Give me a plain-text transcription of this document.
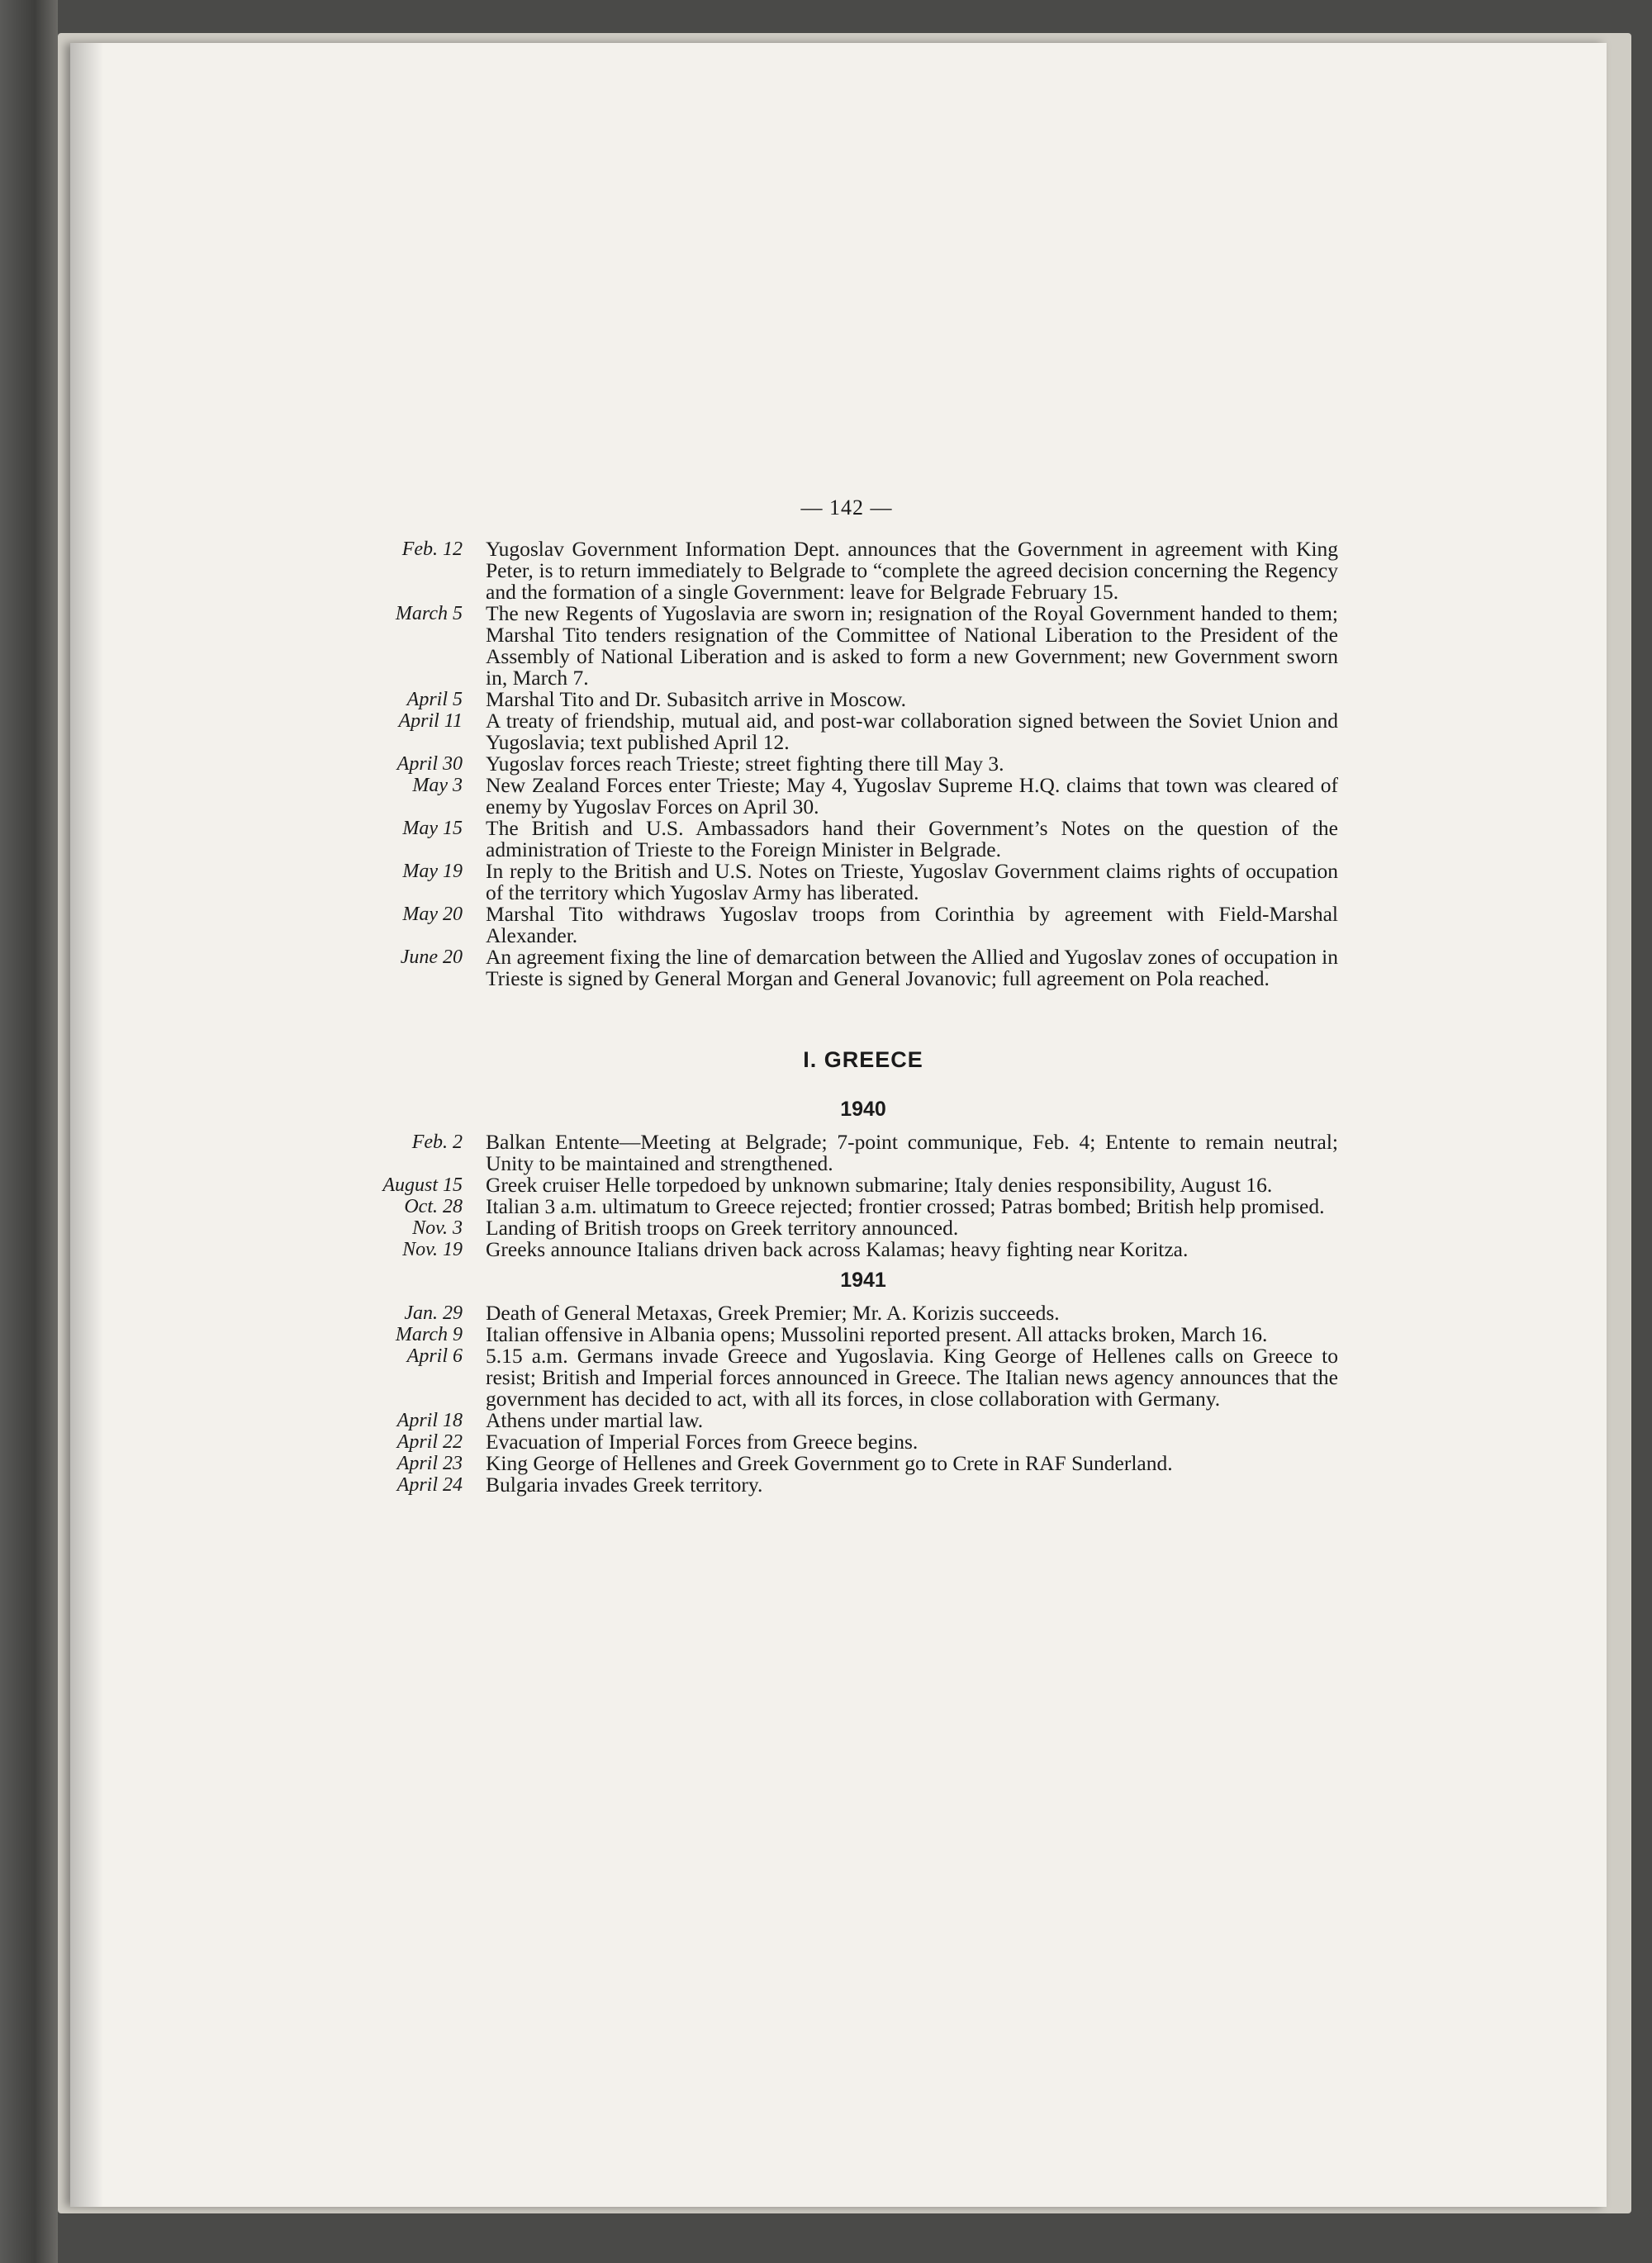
— 142 —
Feb. 12	Yugoslav Government Information Dept. announces that the Government in agreement with King Peter, is to return immediately to Belgrade to “complete the agreed decision concerning the Regency and the formation of a single Government: leave for Belgrade February 15.
March 5	The new Regents of Yugoslavia are sworn in; resignation of the Royal Government handed to them; Marshal Tito tenders resignation of the Committee of National Liberation to the President of the Assembly of National Liberation and is asked to form a new Government; new Government sworn in, March 7.
April 5	Marshal Tito and Dr. Subasitch arrive in Moscow.
April 11	A treaty of friendship, mutual aid, and post-war collaboration signed between the Soviet Union and Yugoslavia; text published April 12.
April 30	Yugoslav forces reach Trieste; street fighting there till May 3.
May 3	New Zealand Forces enter Trieste; May 4, Yugoslav Supreme H.Q. claims that town was cleared of enemy by Yugoslav Forces on April 30.
May 15	The British and U.S. Ambassadors hand their Government’s Notes on the question of the administration of Trieste to the Foreign Minister in Belgrade.
May 19	In reply to the British and U.S. Notes on Trieste, Yugoslav Government claims rights of occupation of the territory which Yugoslav Army has liberated.
May 20	Marshal Tito withdraws Yugoslav troops from Corinthia by agreement with Field-Marshal Alexander.
June 20	An agreement fixing the line of demarcation between the Allied and Yugoslav zones of occupation in Trieste is signed by General Morgan and General Jovanovic; full agreement on Pola reached.
I. GREECE
1940
Feb. 2	Balkan Entente—Meeting at Belgrade; 7-point communique, Feb. 4; Entente to remain neutral; Unity to be maintained and strengthened.
August 15	Greek cruiser Helle torpedoed by unknown submarine; Italy denies responsibility, August 16.
Oct. 28	Italian 3 a.m. ultimatum to Greece rejected; frontier crossed; Patras bombed; British help promised.
Nov. 3	Landing of British troops on Greek territory announced.
Nov. 19	Greeks announce Italians driven back across Kalamas; heavy fighting near Koritza.
1941
Jan. 29	Death of General Metaxas, Greek Premier; Mr. A. Korizis succeeds.
March 9	Italian offensive in Albania opens; Mussolini reported present. All attacks broken, March 16.
April 6	5.15 a.m. Germans invade Greece and Yugoslavia. King George of Hellenes calls on Greece to resist; British and Imperial forces announced in Greece. The Italian news agency announces that the government has decided to act, with all its forces, in close collaboration with Germany.
April 18	Athens under martial law.
April 22	Evacuation of Imperial Forces from Greece begins.
April 23	King George of Hellenes and Greek Government go to Crete in RAF Sunderland.
April 24	Bulgaria invades Greek territory.
